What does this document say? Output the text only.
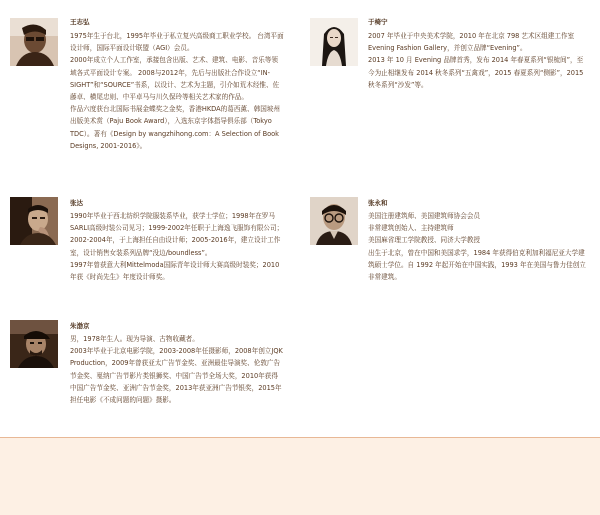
王志弘

1975年生于台北，1995年毕业于私立复兴高级商工职业学校。 台湾平面设计师，国际平面设计联盟（AGI）会员。

2000年成立个人工作室，承接包含出版、艺术、建筑、电影、音乐等领域各式平面设计专案。 2008与2012年，先后与出版社合作设立“IN-SIGHT”和“SOURCE”书系，以设计、艺术为主题，引介如荒木经惟、佐藤卓、横尾忠则、中平卓马与川久保玲等相关艺术家的作品。

作品六度获台北国际书展金蝶奖之金奖，香港HKDA的葛西薰、韩国坡州出版美术赏（Paju Book Award），入选东京字体指导俱乐部（Tokyo TDC）。著有《Design by wangzhihong.com：A Selection of Book Designs, 2001-2016》。

于椅宁

2007 年毕业于中央美术学院，2010 年在北京 798 艺术区组建工作室 Evening Fashion Gallery，并创立品牌“Evening”。

2013 年 10 月 Evening 品牌首秀，发布 2014 年春夏系列“银梳间”，至今为止相继发布 2014 秋冬系列“五禽戏”，2015 春夏系列“侧影”，2015 秋冬系列“沙发”等。

张达

1990年毕业于西北纺织学院服装系毕业，获学士学位；1998年在罗马SARLI高级时装公司见习；1999-2002年任职于上海逸飞服饰有限公司；2002-2004年，于上海担任自由设计师；2005-2016年，建立设计工作室，设计销售女装系列品牌“没边/boundless”。

1997年曾获意大利Mittelmoda国际青年设计师大赛高级时装奖；2010年获《时尚先生》年度设计师奖。

张永和

美国注册建筑师、美国建筑师协会会员

非常建筑创始人、主持建筑师

美国麻省理工学院教授、同济大学教授

出生于北京，曾在中国和美国求学，1984 年获得伯克利加利福尼亚大学建筑硕士学位。自 1992 年起开始在中国实践，1993 年在美国与鲁力佳创立非常建筑。

朱渤京

男，1978年生人。现为导演、古物收藏者。

2003年毕业于北京电影学院，2003-2008年任摄影师，2008年创立JQK Production，2009年曾获亚太广告节金奖、亚洲最佳导演奖、伦敦广告节金奖、戛纳广告节影片类银狮奖、中国广告节全场大奖，2010年获得中国广告节金奖、亚洲广告节金奖，2013年获亚洲广告节银奖，2015年担任电影《不成问题的问题》摄影。
